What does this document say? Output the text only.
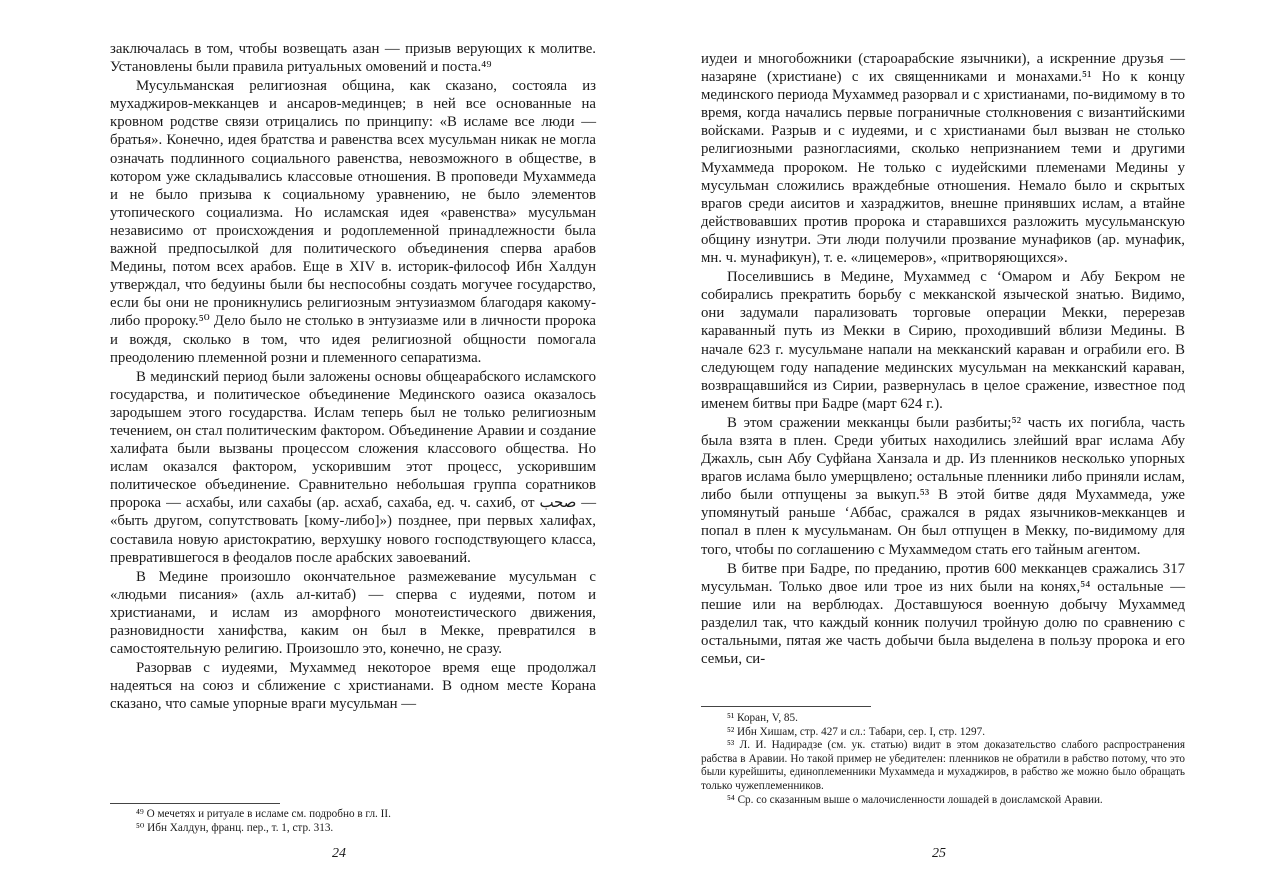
заключалась в том, чтобы возвещать азан — призыв верующих к молитве. Установлены были правила ритуальных омовений и поста.⁴⁹

Мусульманская религиозная община, как сказано, состояла из мухаджиров-мекканцев и ансаров-мединцев; в ней все основанные на кровном родстве связи отрицались по принципу: «В исламе все люди — братья». Конечно, идея братства и равенства всех мусульман никак не могла означать подлинного социального равенства, невозможного в обществе, в котором уже складывались классовые отношения. В проповеди Мухаммеда и не было призыва к социальному уравнению, не было элементов утопического социализма. Но исламская идея «равенства» мусульман независимо от происхождения и родоплеменной принадлежности была важной предпосылкой для политического объединения сперва арабов Медины, потом всех арабов. Еще в XIV в. историк-философ Ибн Халдун утверждал, что бедуины были бы неспособны создать могучее государство, если бы они не проникнулись религиозным энтузиазмом благодаря какому-либо пророку.⁵⁰ Дело было не столько в энтузиазме или в личности пророка и вождя, сколько в том, что идея религиозной общности помогала преодолению племенной розни и племенного сепаратизма.

В мединский период были заложены основы общеарабского исламского государства, и политическое объединение Мединского оазиса оказалось зародышем этого государства. Ислам теперь был не только религиозным течением, он стал политическим фактором. Объединение Аравии и создание халифата были вызваны процессом сложения классового общества. Но ислам оказался фактором, ускорившим этот процесс, ускорившим политическое объединение. Сравнительно небольшая группа соратников пророка — асхабы, или сахабы (ар. асхаб, сахаба, ед. ч. сахиб, от صحب — «быть другом, сопутствовать [кому-либо]») позднее, при первых халифах, составила новую аристократию, верхушку нового господствующего класса, превратившегося в феодалов после арабских завоеваний.

В Медине произошло окончательное размежевание мусульман с «людьми писания» (ахль ал-китаб) — сперва с иудеями, потом и христианами, и ислам из аморфного монотеистического движения, разновидности ханифства, каким он был в Мекке, превратился в самостоятельную религию. Произошло это, конечно, не сразу.

Разорвав с иудеями, Мухаммед некоторое время еще продолжал надеяться на союз и сближение с христианами. В одном месте Корана сказано, что самые упорные враги мусульман —

⁴⁹ О мечетях и ритуале в исламе см. подробно в гл. II.

⁵⁰ Ибн Халдун, франц. пер., т. 1, стр. 313.

24

иудеи и многобожники (староарабские язычники), а искренние друзья — назаряне (христиане) с их священниками и монахами.⁵¹ Но к концу мединского периода Мухаммед разорвал и с христианами, по-видимому в то время, когда начались первые пограничные столкновения с византийскими войсками. Разрыв и с иудеями, и с христианами был вызван не столько религиозными разногласиями, сколько непризнанием теми и другими Мухаммеда пророком. Не только с иудейскими племенами Медины у мусульман сложились враждебные отношения. Немало было и скрытых врагов среди аиситов и хазраджитов, внешне принявших ислам, а втайне действовавших против пророка и старавшихся разложить мусульманскую общину изнутри. Эти люди получили прозвание мунафиков (ар. мунафик, мн. ч. мунафикун), т. е. «лицемеров», «притворяющихся».

Поселившись в Медине, Мухаммед с ʻОмаром и Абу Бекром не собирались прекратить борьбу с мекканской языческой знатью. Видимо, они задумали парализовать торговые операции Мекки, перерезав караванный путь из Мекки в Сирию, проходивший вблизи Медины. В начале 623 г. мусульмане напали на мекканский караван и ограбили его. В следующем году нападение мединских мусульман на мекканский караван, возвращавшийся из Сирии, развернулась в целое сражение, известное под именем битвы при Бадре (март 624 г.).

В этом сражении мекканцы были разбиты;⁵² часть их погибла, часть была взята в плен. Среди убитых находились злейший враг ислама Абу Джахль, сын Абу Суфйана Ханзала и др. Из пленников несколько упорных врагов ислама было умерщвлено; остальные пленники либо приняли ислам, либо были отпущены за выкуп.⁵³ В этой битве дядя Мухаммеда, уже упомянутый раньше ʻАббас, сражался в рядах язычников-мекканцев и попал в плен к мусульманам. Он был отпущен в Мекку, по-видимому для того, чтобы по соглашению с Мухаммедом стать его тайным агентом.

В битве при Бадре, по преданию, против 600 мекканцев сражались 317 мусульман. Только двое или трое из них были на конях,⁵⁴ остальные — пешие или на верблюдах. Доставшуюся военную добычу Мухаммед разделил так, что каждый конник получил тройную долю по сравнению с остальными, пятая же часть добычи была выделена в пользу пророка и его семьи, си-

⁵¹ Коран, V, 85.

⁵² Ибн Хишам, стр. 427 и сл.: Табари, сер. I, стр. 1297.

⁵³ Л. И. Надирадзе (см. ук. статью) видит в этом доказательство слабого распространения рабства в Аравии. Но такой пример не убедителен: пленников не обратили в рабство потому, что это были курейшиты, единоплеменники Мухаммеда и мухаджиров, в рабство же можно было обращать только чужеплеменников.

⁵⁴ Ср. со сказанным выше о малочисленности лошадей в доисламской Аравии.

25
